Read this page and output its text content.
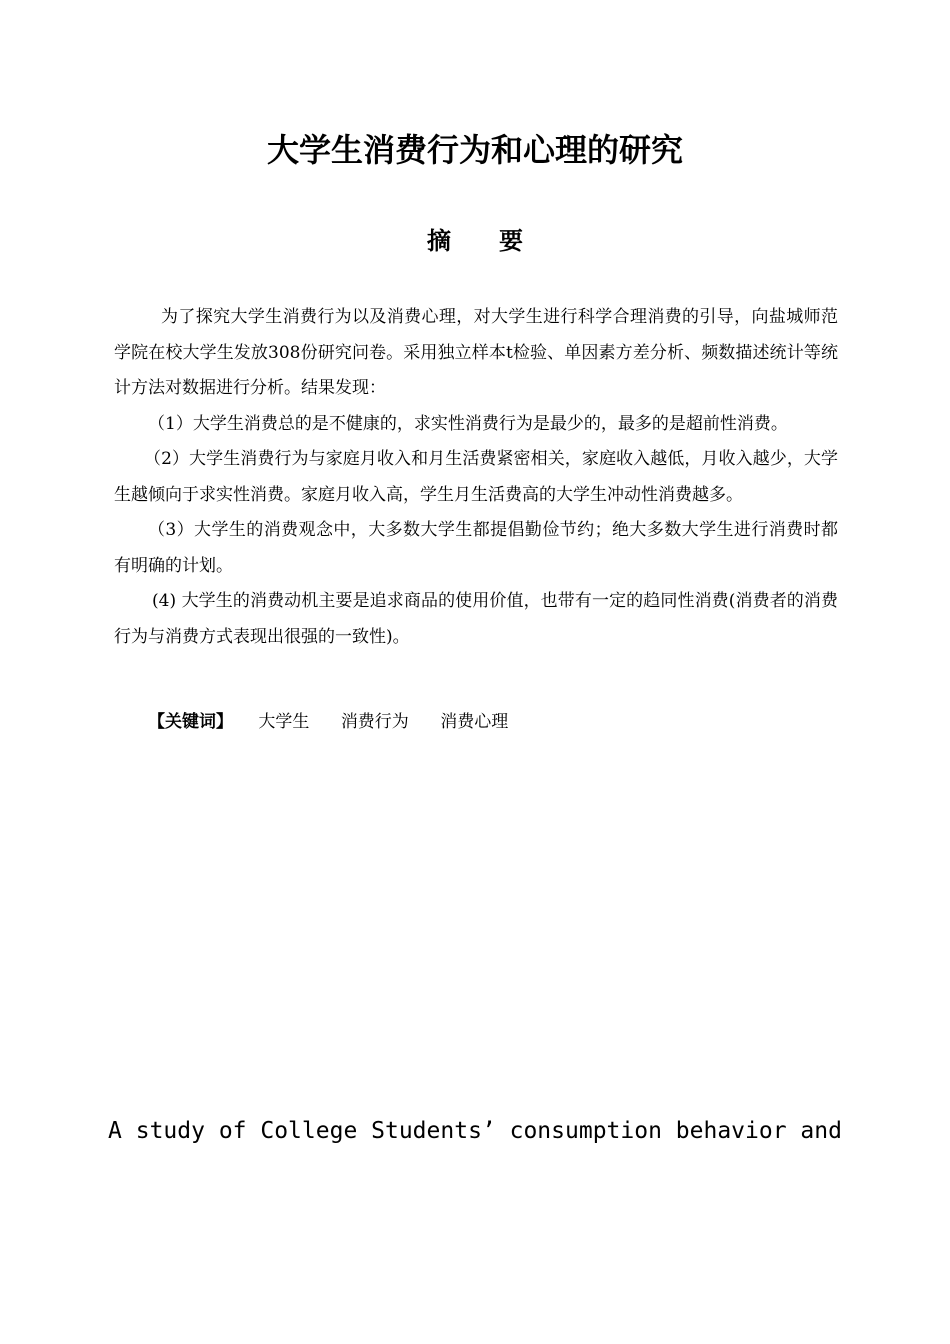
大学生消费行为和心理的研究
摘要

为了探究大学生消费行为以及消费心理，对大学生进行科学合理消费的引导，向盐城师范学院在校大学生发放308份研究问卷。采用独立样本t检验、单因素方差分析、频数描述统计等统计方法对数据进行分析。结果发现：

（1）大学生消费总的是不健康的，求实性消费行为是最少的，最多的是超前性消费。

（2）大学生消费行为与家庭月收入和月生活费紧密相关，家庭收入越低，月收入越少，大学生越倾向于求实性消费。家庭月收入高，学生月生活费高的大学生冲动性消费越多。

（3）大学生的消费观念中，大多数大学生都提倡勤俭节约；绝大多数大学生进行消费时都有明确的计划。

(4) 大学生的消费动机主要是追求商品的使用价值，也带有一定的趋同性消费(消费者的消费行为与消费方式表现出很强的一致性)。

【关键词】 大学生 消费行为 消费心理
A study of College Students’ consumption behavior and
